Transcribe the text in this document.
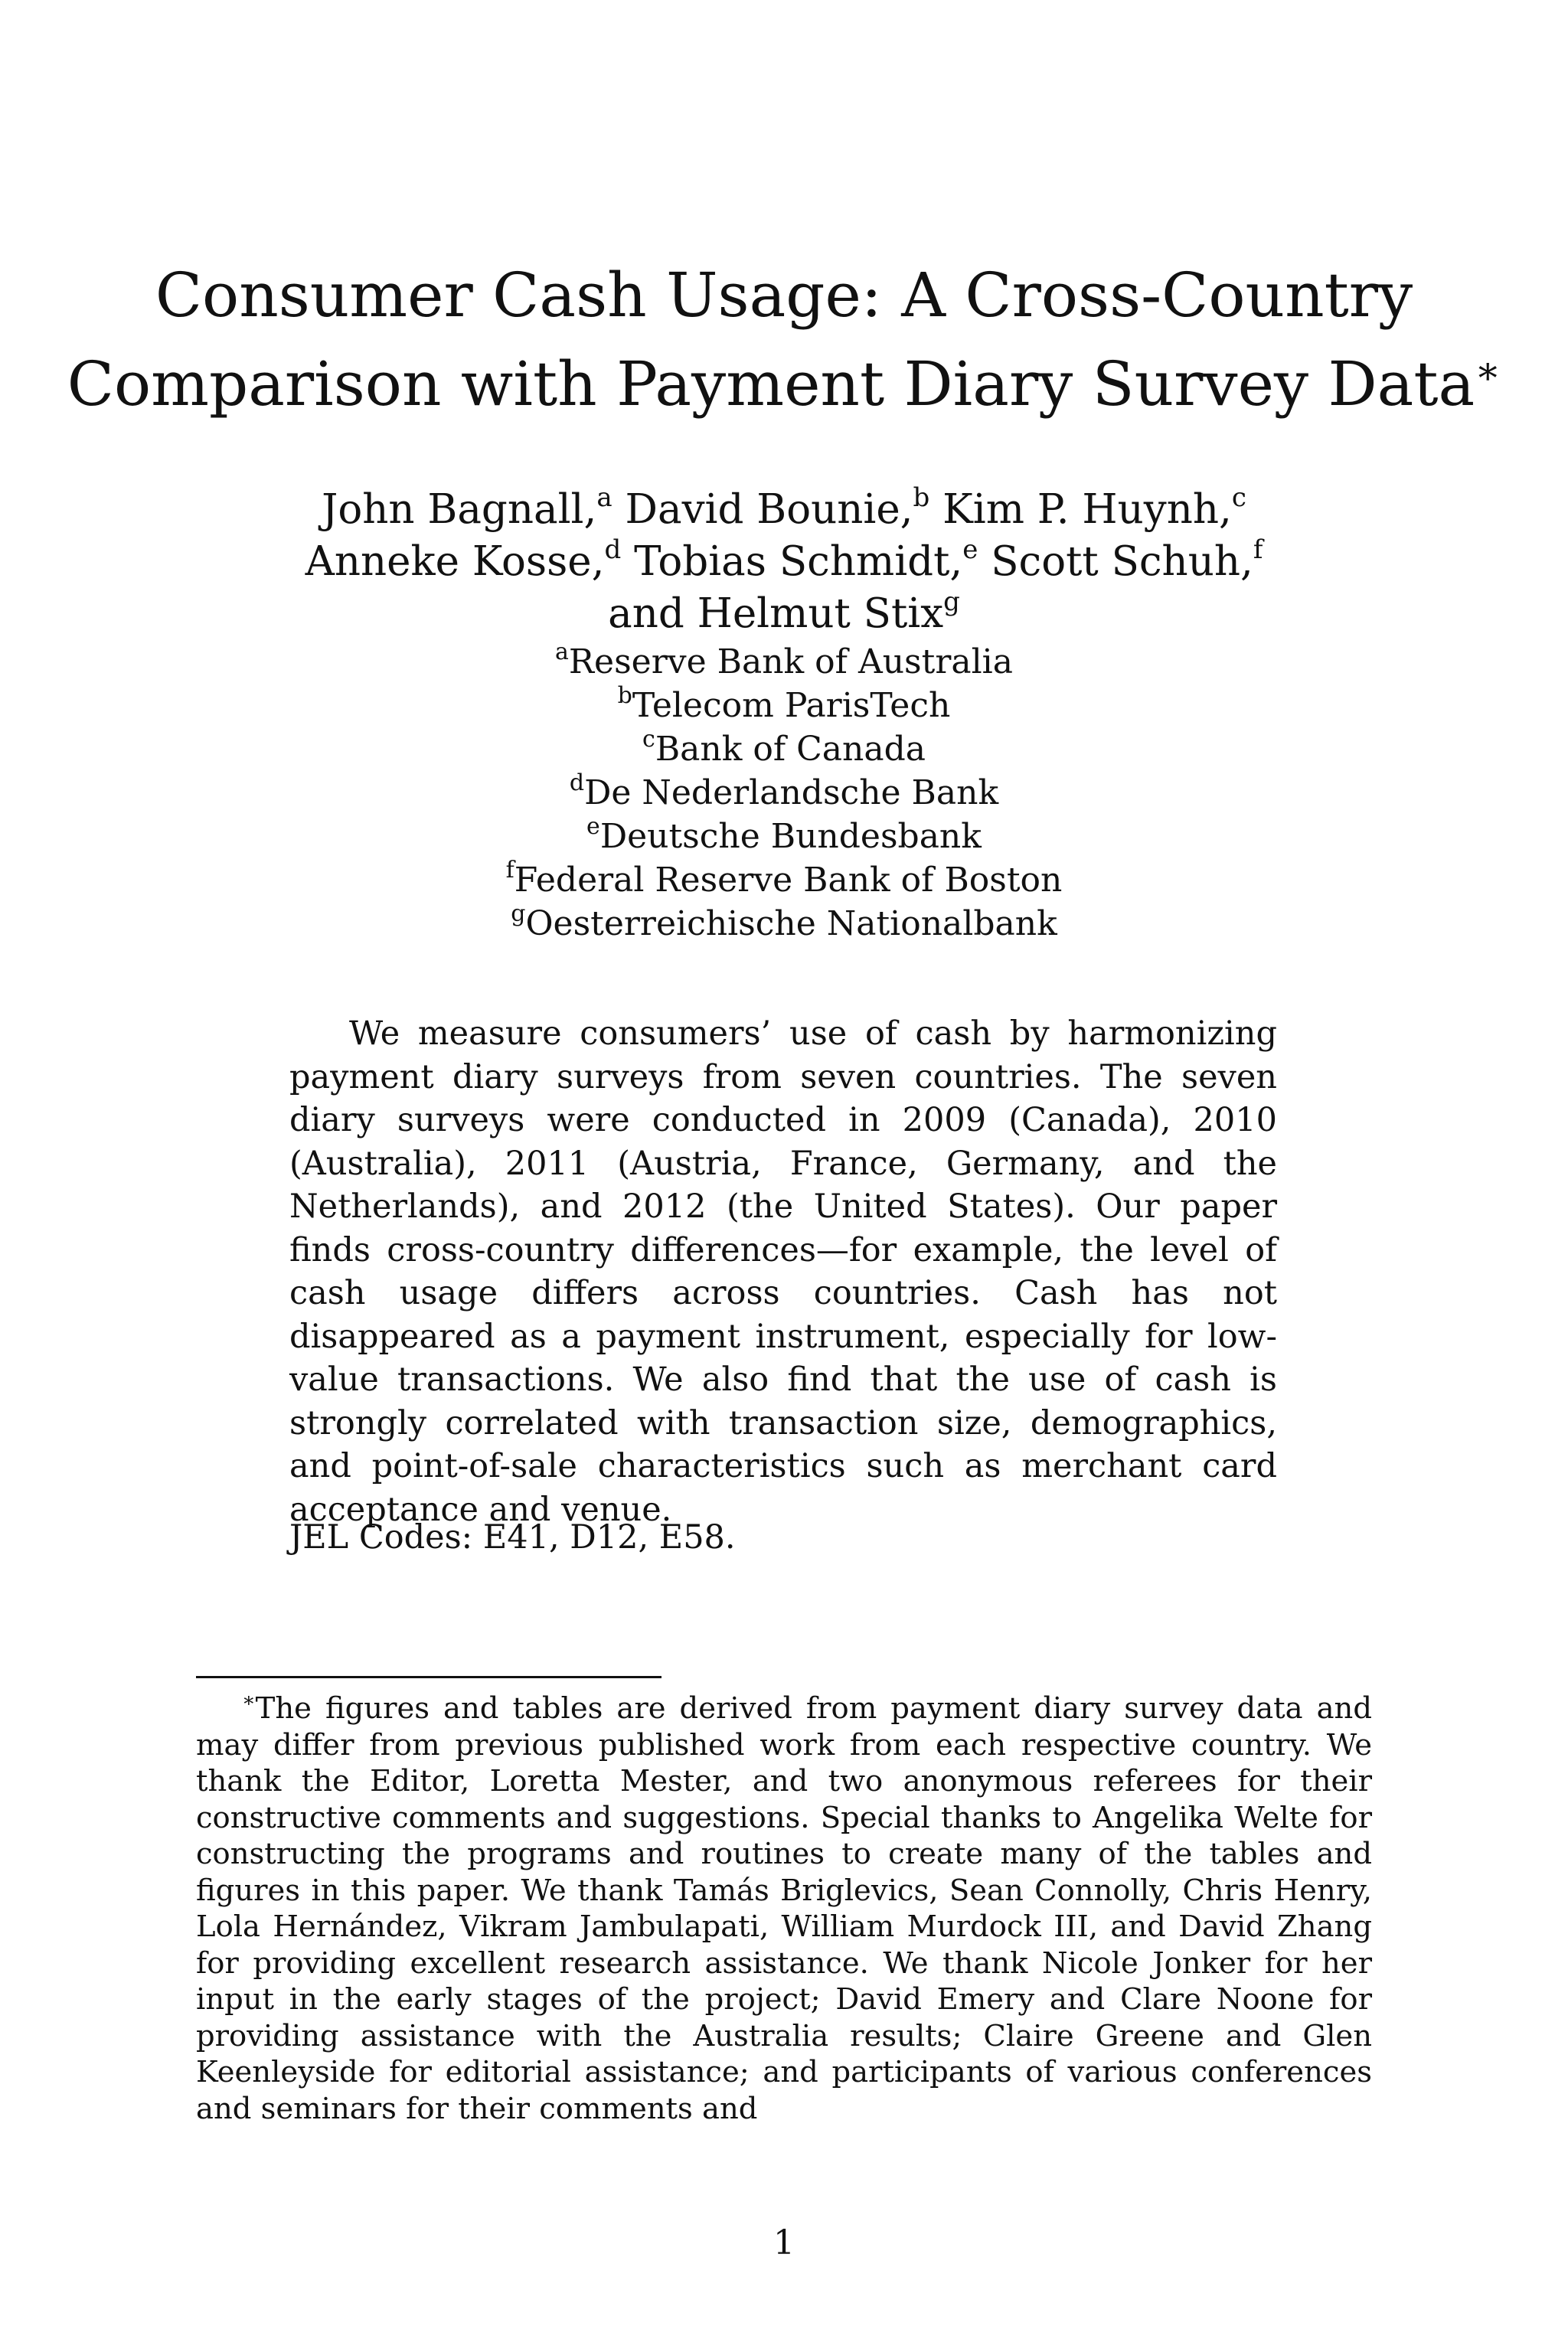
Consumer Cash Usage: A Cross-Country
Comparison with Payment Diary Survey Data∗
John Bagnall,$^a$ David Bounie,$^b$ Kim P. Huynh,$^c$
Anneke Kosse,$^d$ Tobias Schmidt,$^e$ Scott Schuh,$^f$
and Helmut Stix$^g$
$^a$Reserve Bank of Australia
$^b$Telecom ParisTech
$^c$Bank of Canada
$^d$De Nederlandsche Bank
$^e$Deutsche Bundesbank
$^f$Federal Reserve Bank of Boston
$^g$Oesterreichische Nationalbank

We measure consumers’ use of cash by harmonizing payment diary surveys from seven countries. The seven diary surveys were conducted in 2009 (Canada), 2010 (Australia), 2011 (Austria, France, Germany, and the Netherlands), and 2012 (the United States). Our paper finds cross-country differences—for example, the level of cash usage differs across countries. Cash has not disappeared as a payment instrument, especially for low-value transactions. We also find that the use of cash is strongly correlated with transaction size, demographics, and point-of-sale characteristics such as merchant card acceptance and venue.

JEL Codes: E41, D12, E58.

∗The figures and tables are derived from payment diary survey data and may differ from previous published work from each respective country. We thank the Editor, Loretta Mester, and two anonymous referees for their constructive comments and suggestions. Special thanks to Angelika Welte for constructing the programs and routines to create many of the tables and figures in this paper. We thank Tamás Briglevics, Sean Connolly, Chris Henry, Lola Hernández, Vikram Jambulapati, William Murdock III, and David Zhang for providing excellent research assistance. We thank Nicole Jonker for her input in the early stages of the project; David Emery and Clare Noone for providing assistance with the Australia results; Claire Greene and Glen Keenleyside for editorial assistance; and participants of various conferences and seminars for their comments and

1
